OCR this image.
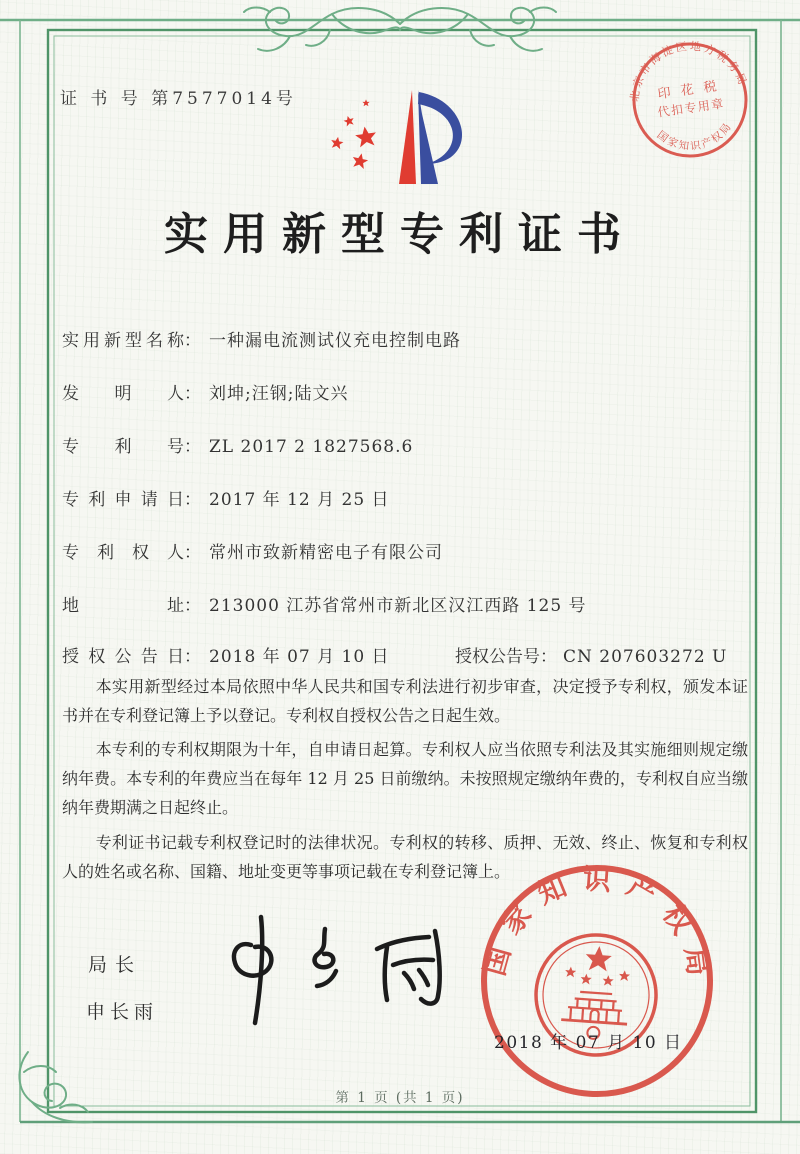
证 书 号 第7577014号	北京市海淀区地方税务局
国家知识产权局
印 花 税
代扣专用章
实用新型专利证书
实用新型名称： 一种漏电流测试仪充电控制电路
发明人： 刘坤;汪钢;陆文兴
专利号： ZL 2017 2 1827568.6
专利申请日： 2017 年 12 月 25 日
专利权人： 常州市致新精密电子有限公司
地址： 213000 江苏省常州市新北区汉江西路 125 号
授权公告日： 2018 年 07 月 10 日	授权公告号： CN 207603272 U

本实用新型经过本局依照中华人民共和国专利法进行初步审查，决定授予专利权，颁发本证书并在专利登记簿上予以登记。专利权自授权公告之日起生效。

本专利的专利权期限为十年，自申请日起算。专利权人应当依照专利法及其实施细则规定缴纳年费。本专利的年费应当在每年 12 月 25 日前缴纳。未按照规定缴纳年费的，专利权自应当缴纳年费期满之日起终止。

专利证书记载专利权登记时的法律状况。专利权的转移、质押、无效、终止、恢复和专利权人的姓名或名称、国籍、地址变更等事项记载在专利登记簿上。

局长
申长雨
国家知识产权局
2018 年 07 月 10 日
第 1 页 (共 1 页)
